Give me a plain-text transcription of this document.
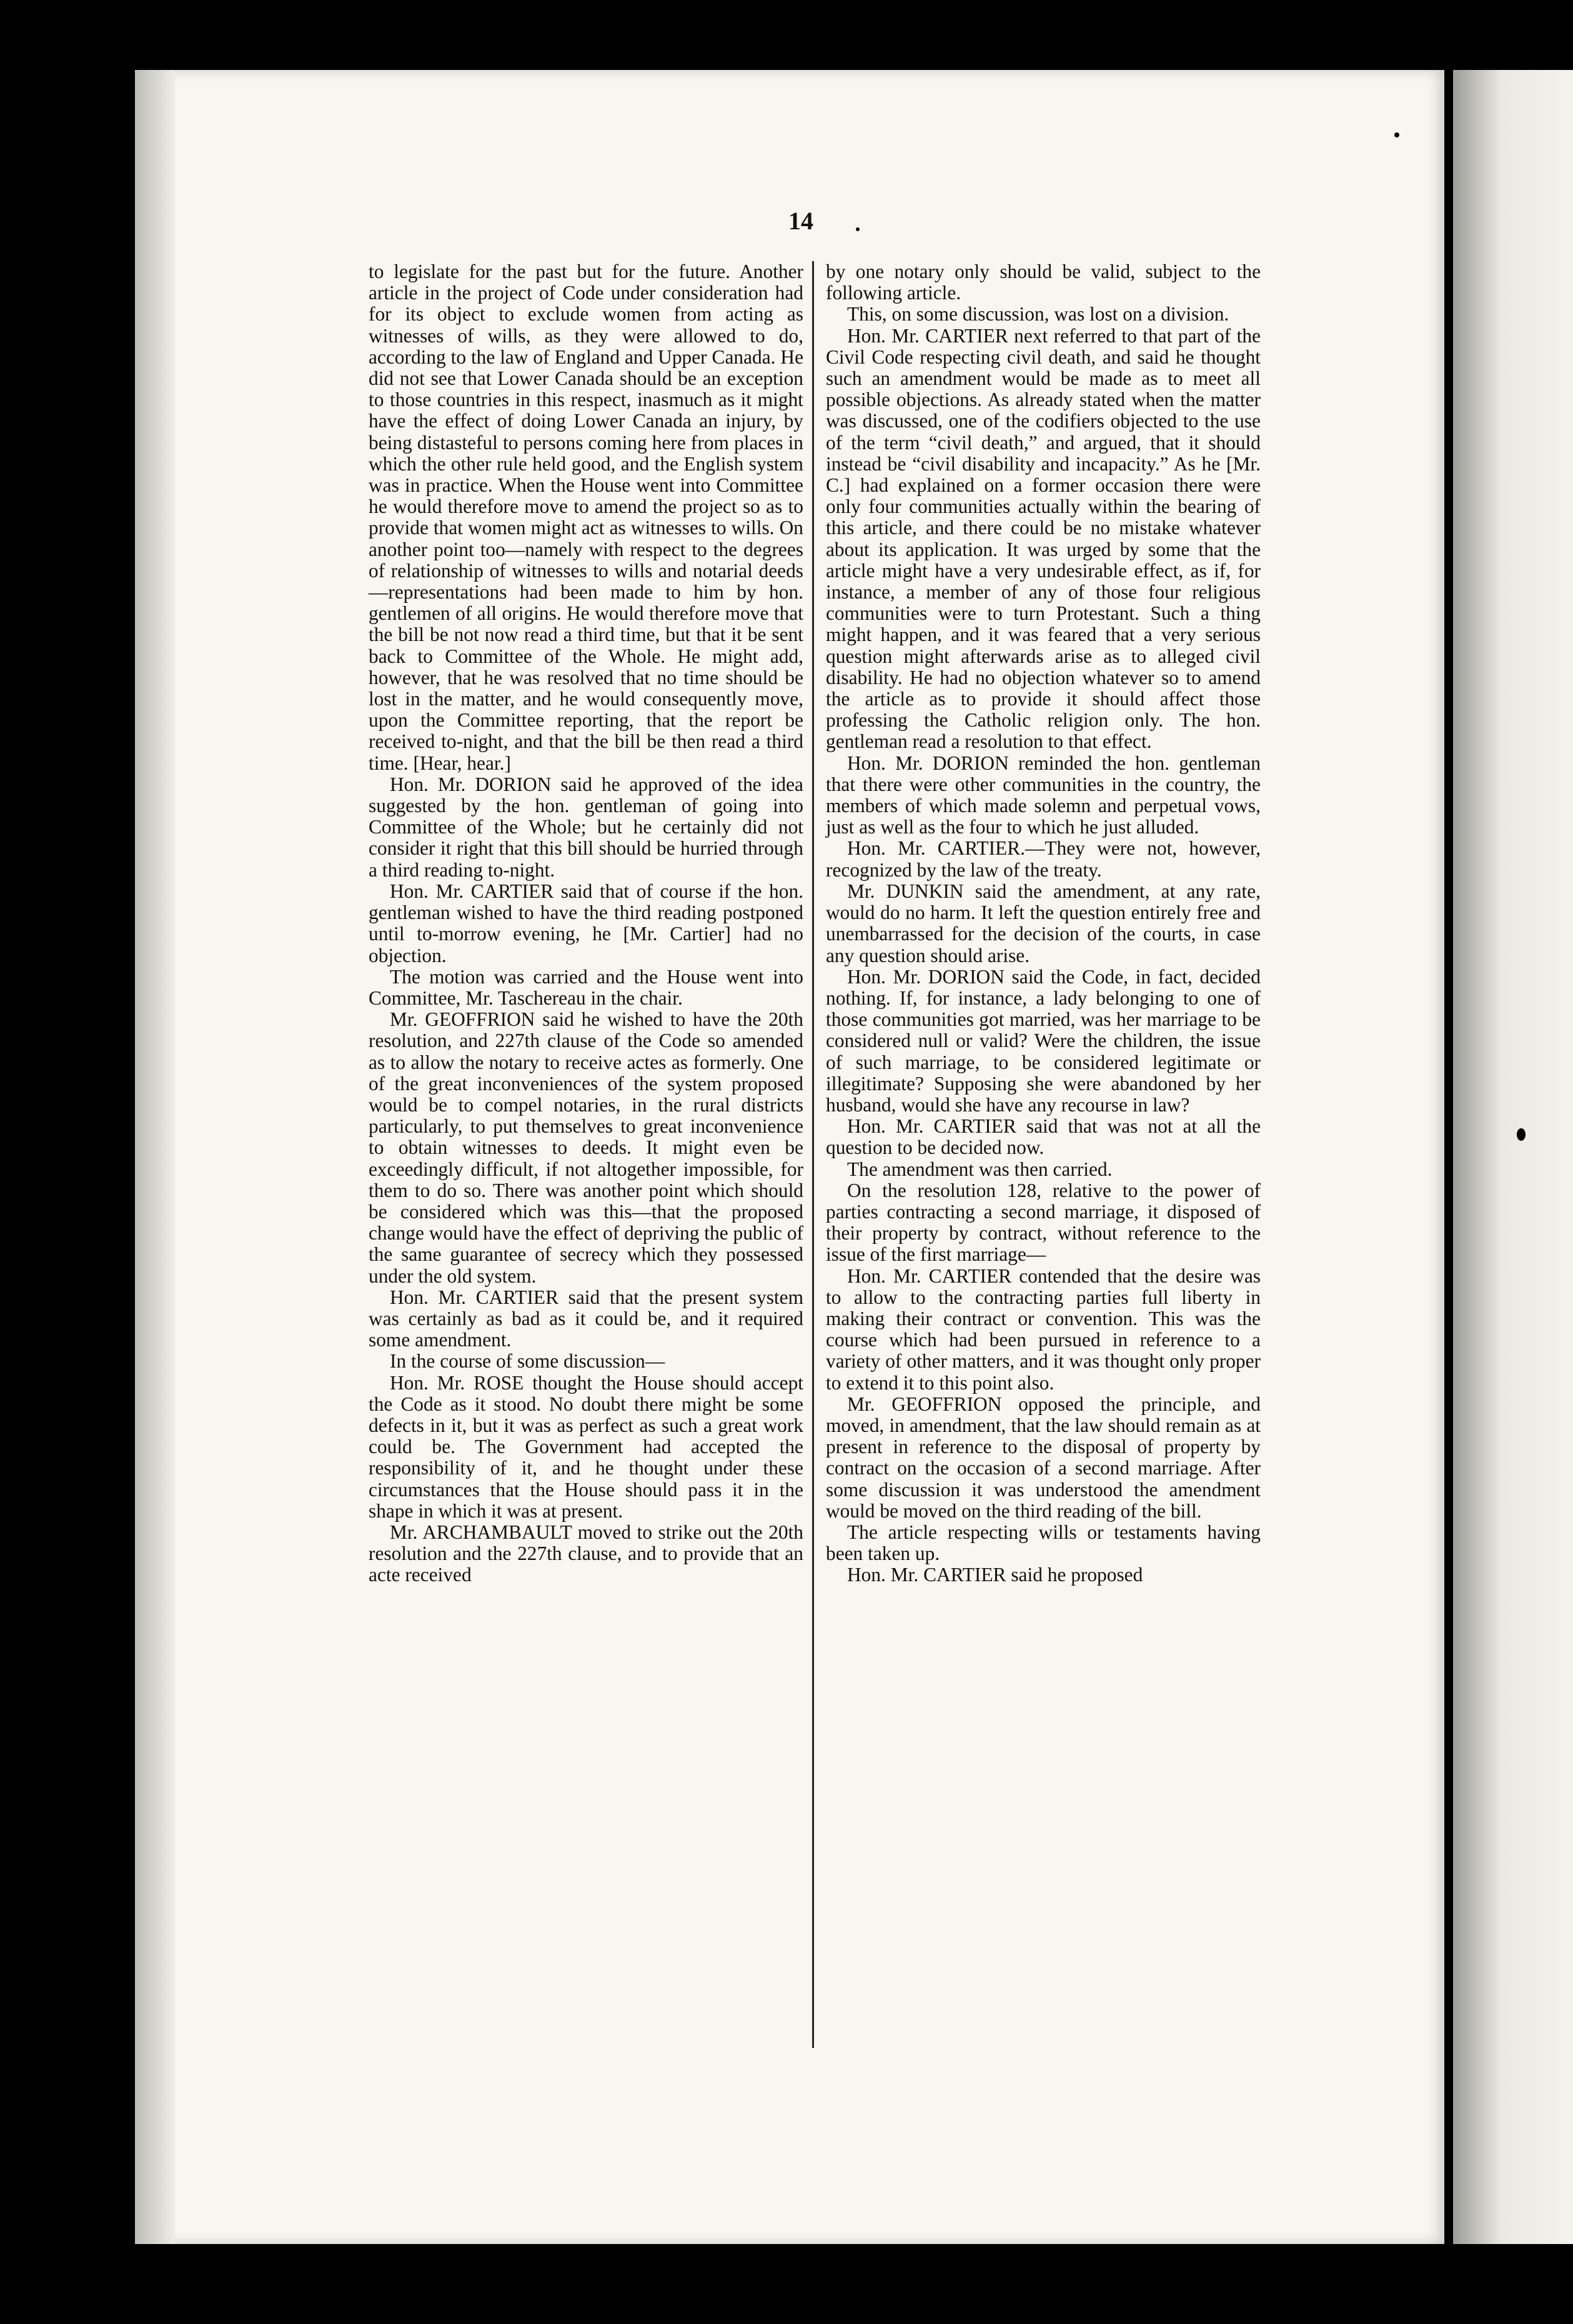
14

to legislate for the past but for the future. Another article in the project of Code under consideration had for its object to exclude women from acting as witnesses of wills, as they were allowed to do, according to the law of England and Upper Canada. He did not see that Lower Canada should be an exception to those countries in this respect, inasmuch as it might have the effect of doing Lower Canada an injury, by being distasteful to persons coming here from places in which the other rule held good, and the English system was in practice. When the House went into Committee he would therefore move to amend the project so as to provide that women might act as witnesses to wills. On another point too—namely with respect to the degrees of relationship of witnesses to wills and notarial deeds—representations had been made to him by hon. gentlemen of all origins. He would therefore move that the bill be not now read a third time, but that it be sent back to Committee of the Whole. He might add, however, that he was resolved that no time should be lost in the matter, and he would consequently move, upon the Committee reporting, that the report be received to-night, and that the bill be then read a third time. [Hear, hear.]

Hon. Mr. DORION said he approved of the idea suggested by the hon. gentleman of going into Committee of the Whole; but he certainly did not consider it right that this bill should be hurried through a third reading to-night.

Hon. Mr. CARTIER said that of course if the hon. gentleman wished to have the third reading postponed until to-morrow evening, he [Mr. Cartier] had no objection.

The motion was carried and the House went into Committee, Mr. Taschereau in the chair.

Mr. GEOFFRION said he wished to have the 20th resolution, and 227th clause of the Code so amended as to allow the notary to receive actes as formerly. One of the great inconveniences of the system proposed would be to compel notaries, in the rural districts particularly, to put themselves to great inconvenience to obtain witnesses to deeds. It might even be exceedingly difficult, if not altogether impossible, for them to do so. There was another point which should be considered which was this—that the proposed change would have the effect of depriving the public of the same guarantee of secrecy which they possessed under the old system.

Hon. Mr. CARTIER said that the present system was certainly as bad as it could be, and it required some amendment.

In the course of some discussion—

Hon. Mr. ROSE thought the House should accept the Code as it stood. No doubt there might be some defects in it, but it was as perfect as such a great work could be. The Government had accepted the responsibility of it, and he thought under these circumstances that the House should pass it in the shape in which it was at present.

Mr. ARCHAMBAULT moved to strike out the 20th resolution and the 227th clause, and to provide that an acte received

by one notary only should be valid, subject to the following article.

This, on some discussion, was lost on a division.

Hon. Mr. CARTIER next referred to that part of the Civil Code respecting civil death, and said he thought such an amendment would be made as to meet all possible objections. As already stated when the matter was discussed, one of the codifiers objected to the use of the term “civil death,” and argued, that it should instead be “civil disability and incapacity.” As he [Mr. C.] had explained on a former occasion there were only four communities actually within the bearing of this article, and there could be no mistake whatever about its application. It was urged by some that the article might have a very undesirable effect, as if, for instance, a member of any of those four religious communities were to turn Protestant. Such a thing might happen, and it was feared that a very serious question might afterwards arise as to alleged civil disability. He had no objection whatever so to amend the article as to provide it should affect those professing the Catholic religion only. The hon. gentleman read a resolution to that effect.

Hon. Mr. DORION reminded the hon. gentleman that there were other communities in the country, the members of which made solemn and perpetual vows, just as well as the four to which he just alluded.

Hon. Mr. CARTIER.—They were not, however, recognized by the law of the treaty.

Mr. DUNKIN said the amendment, at any rate, would do no harm. It left the question entirely free and unembarrassed for the decision of the courts, in case any question should arise.

Hon. Mr. DORION said the Code, in fact, decided nothing. If, for instance, a lady belonging to one of those communities got married, was her marriage to be considered null or valid? Were the children, the issue of such marriage, to be considered legitimate or illegitimate? Supposing she were abandoned by her husband, would she have any recourse in law?

Hon. Mr. CARTIER said that was not at all the question to be decided now.

The amendment was then carried.

On the resolution 128, relative to the power of parties contracting a second marriage, it disposed of their property by contract, without reference to the issue of the first marriage—

Hon. Mr. CARTIER contended that the desire was to allow to the contracting parties full liberty in making their contract or convention. This was the course which had been pursued in reference to a variety of other matters, and it was thought only proper to extend it to this point also.

Mr. GEOFFRION opposed the principle, and moved, in amendment, that the law should remain as at present in reference to the disposal of property by contract on the occasion of a second marriage. After some discussion it was understood the amendment would be moved on the third reading of the bill.

The article respecting wills or testaments having been taken up.

Hon. Mr. CARTIER said he proposed
